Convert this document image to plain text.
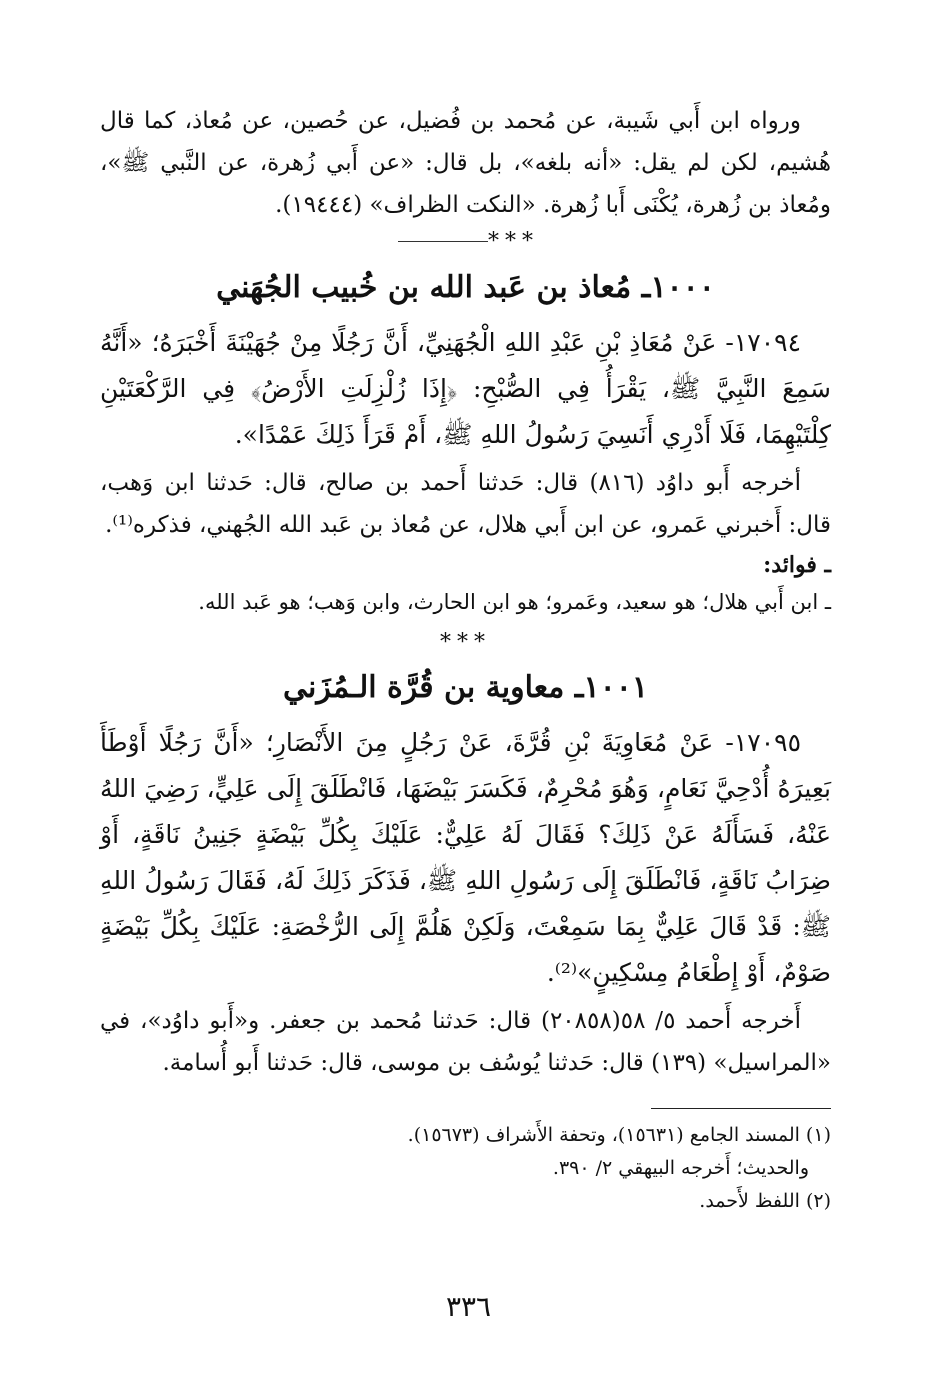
ورواه ابن أَبي شَيبة، عن مُحمد بن فُضيل، عن حُصين، عن مُعاذ، كما قال هُشيم، لكن لم يقل: «أنه بلغه»، بل قال: «عن أَبي زُهرة، عن النَّبي ﷺ»، ومُعاذ بن زُهرة، يُكْنَى أَبا زُهرة. «النكت الظراف» (١٩٤٤٤).

***
١٠٠٠ـ مُعاذ بن عَبد الله بن خُبيب الجُهَني

١٧٠٩٤- عَنْ مُعَاذِ بْنِ عَبْدِ اللهِ الْجُهَنِيِّ، أَنَّ رَجُلًا مِنْ جُهَيْنَةَ أَخْبَرَهُ؛ «أَنَّهُ سَمِعَ النَّبِيَّ ﷺ، يَقْرَأُ فِي الصُّبْحِ: ﴿إِذَا زُلْزِلَتِ الأَرْضُ﴾ فِي الرَّكْعَتَيْنِ كِلْتَيْهِمَا، فَلَا أَدْرِي أَنَسِيَ رَسُولُ اللهِ ﷺ، أَمْ قَرَأَ ذَلِكَ عَمْدًا».

أخرجه أَبو داوُد (٨١٦) قال: حَدثنا أَحمد بن صالح، قال: حَدثنا ابن وَهب، قال: أَخبرني عَمرو، عن ابن أَبي هلال، عن مُعاذ بن عَبد الله الجُهني، فذكره⁽¹⁾.

ـ فوائد:

ـ ابن أَبي هلال؛ هو سعيد، وعَمرو؛ هو ابن الحارث، وابن وَهب؛ هو عَبد الله.

***
١٠٠١ـ معاوية بن قُرَّة الـمُزَني

١٧٠٩٥- عَنْ مُعَاوِيَةَ بْنِ قُرَّةَ، عَنْ رَجُلٍ مِنَ الأَنْصَارِ؛ «أَنَّ رَجُلًا أَوْطَأَ بَعِيرَهُ أُدْحِيَّ نَعَامٍ، وَهُوَ مُحْرِمٌ، فَكَسَرَ بَيْضَهَا، فَانْطَلَقَ إِلَى عَلِيٍّ، رَضِيَ اللهُ عَنْهُ، فَسَأَلَهُ عَنْ ذَلِكَ؟ فَقَالَ لَهُ عَلِيٌّ: عَلَيْكَ بِكُلِّ بَيْضَةٍ جَنِينُ نَاقَةٍ، أَوْ ضِرَابُ نَاقَةٍ، فَانْطَلَقَ إِلَى رَسُولِ اللهِ ﷺ، فَذَكَرَ ذَلِكَ لَهُ، فَقَالَ رَسُولُ اللهِ ﷺ: قَدْ قَالَ عَلِيٌّ بِمَا سَمِعْتَ، وَلَكِنْ هَلُمَّ إِلَى الرُّخْصَةِ: عَلَيْكَ بِكُلِّ بَيْضَةٍ صَوْمٌ، أَوْ إِطْعَامُ مِسْكِينٍ»⁽²⁾.

أَخرجه أَحمد ٥/ ٥٨(٢٠٨٥٨) قال: حَدثنا مُحمد بن جعفر. و«أَبو داوُد»، في «المراسيل» (١٣٩) قال: حَدثنا يُوسُف بن موسى، قال: حَدثنا أَبو أُسامة.

(١) المسند الجامع (١٥٦٣١)، وتحفة الأَشراف (١٥٦٧٣).

والحديث؛ أَخرجه البيهقي ٢/ ٣٩٠.

(٢) اللفظ لأَحمد.

٣٣٦
